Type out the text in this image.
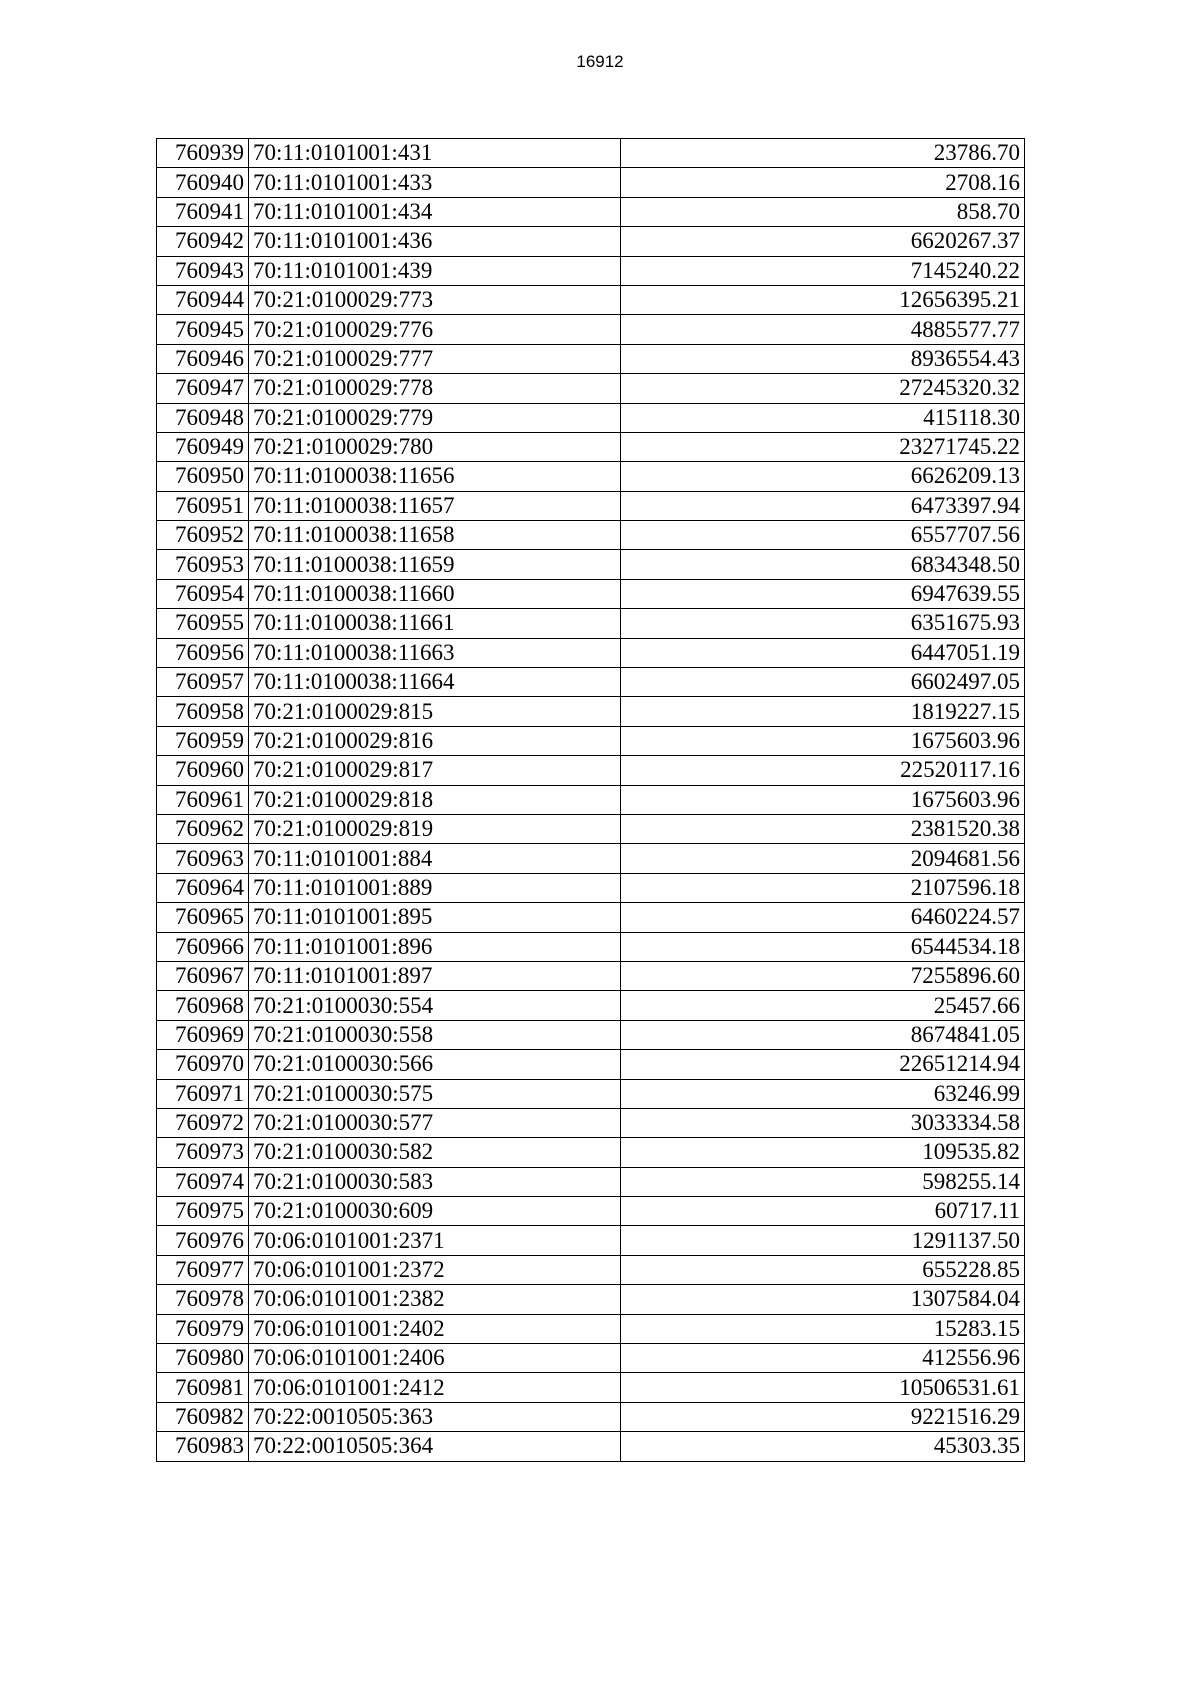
16912
760939	70:11:0101001:431	23786.70
760940	70:11:0101001:433	2708.16
760941	70:11:0101001:434	858.70
760942	70:11:0101001:436	6620267.37
760943	70:11:0101001:439	7145240.22
760944	70:21:0100029:773	12656395.21
760945	70:21:0100029:776	4885577.77
760946	70:21:0100029:777	8936554.43
760947	70:21:0100029:778	27245320.32
760948	70:21:0100029:779	415118.30
760949	70:21:0100029:780	23271745.22
760950	70:11:0100038:11656	6626209.13
760951	70:11:0100038:11657	6473397.94
760952	70:11:0100038:11658	6557707.56
760953	70:11:0100038:11659	6834348.50
760954	70:11:0100038:11660	6947639.55
760955	70:11:0100038:11661	6351675.93
760956	70:11:0100038:11663	6447051.19
760957	70:11:0100038:11664	6602497.05
760958	70:21:0100029:815	1819227.15
760959	70:21:0100029:816	1675603.96
760960	70:21:0100029:817	22520117.16
760961	70:21:0100029:818	1675603.96
760962	70:21:0100029:819	2381520.38
760963	70:11:0101001:884	2094681.56
760964	70:11:0101001:889	2107596.18
760965	70:11:0101001:895	6460224.57
760966	70:11:0101001:896	6544534.18
760967	70:11:0101001:897	7255896.60
760968	70:21:0100030:554	25457.66
760969	70:21:0100030:558	8674841.05
760970	70:21:0100030:566	22651214.94
760971	70:21:0100030:575	63246.99
760972	70:21:0100030:577	3033334.58
760973	70:21:0100030:582	109535.82
760974	70:21:0100030:583	598255.14
760975	70:21:0100030:609	60717.11
760976	70:06:0101001:2371	1291137.50
760977	70:06:0101001:2372	655228.85
760978	70:06:0101001:2382	1307584.04
760979	70:06:0101001:2402	15283.15
760980	70:06:0101001:2406	412556.96
760981	70:06:0101001:2412	10506531.61
760982	70:22:0010505:363	9221516.29
760983	70:22:0010505:364	45303.35
